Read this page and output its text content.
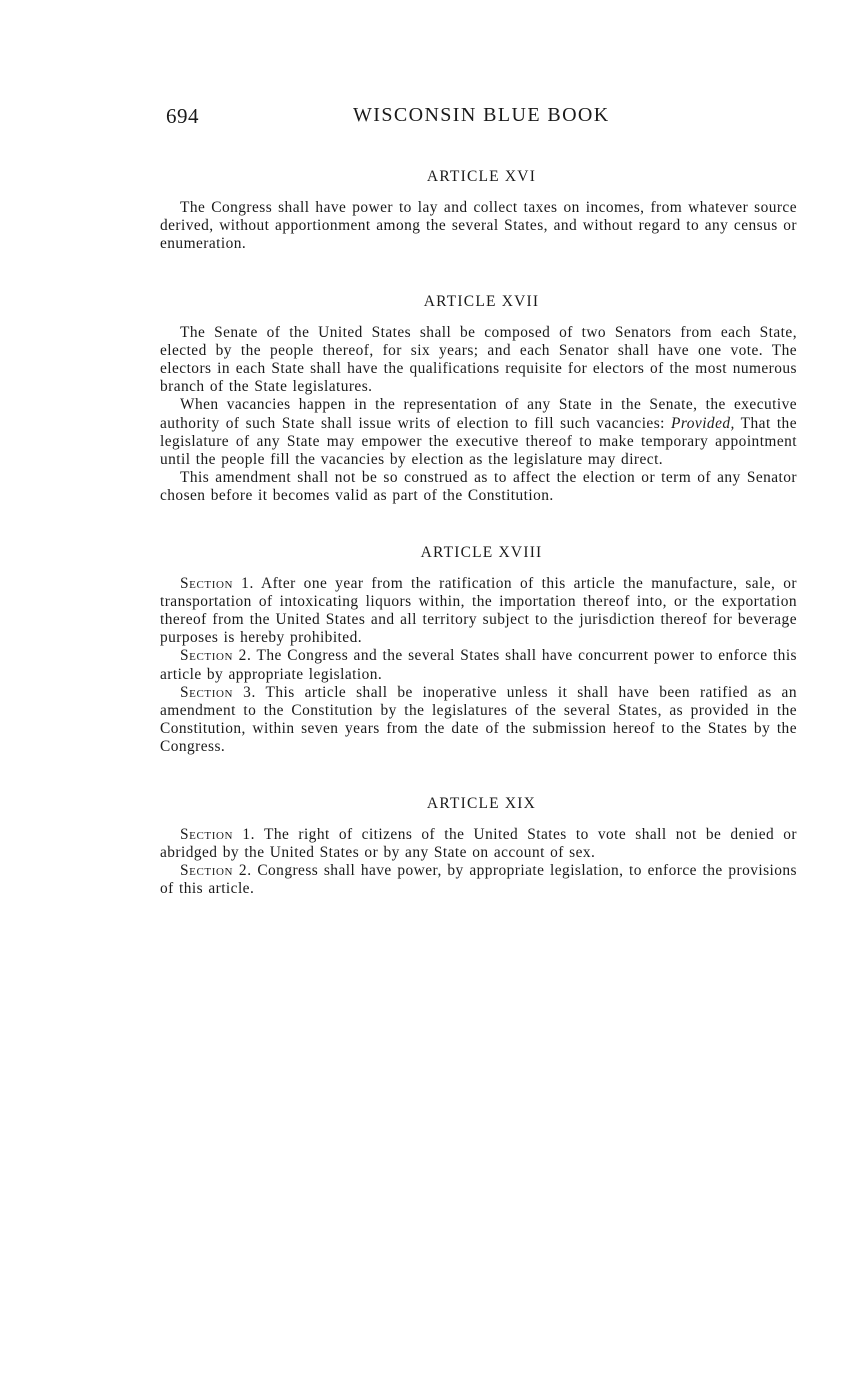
694	WISCONSIN BLUE BOOK
ARTICLE XVI

The Congress shall have power to lay and collect taxes on incomes, from whatever source derived, without apportionment among the several States, and without regard to any census or enumeration.

ARTICLE XVII

The Senate of the United States shall be composed of two Senators from each State, elected by the people thereof, for six years; and each Senator shall have one vote. The electors in each State shall have the qualifications requisite for electors of the most numerous branch of the State legislatures.

When vacancies happen in the representation of any State in the Senate, the executive authority of such State shall issue writs of election to fill such vacancies: Provided, That the legislature of any State may empower the executive thereof to make temporary appointment until the people fill the vacancies by election as the legislature may direct.

This amendment shall not be so construed as to affect the election or term of any Senator chosen before it becomes valid as part of the Constitution.

ARTICLE XVIII

Section 1. After one year from the ratification of this article the manufacture, sale, or transportation of intoxicating liquors within, the importation thereof into, or the exportation thereof from the United States and all territory subject to the jurisdiction thereof for beverage purposes is hereby prohibited.

Section 2. The Congress and the several States shall have concurrent power to enforce this article by appropriate legislation.

Section 3. This article shall be inoperative unless it shall have been ratified as an amendment to the Constitution by the legislatures of the several States, as provided in the Constitution, within seven years from the date of the submission hereof to the States by the Congress.

ARTICLE XIX

Section 1. The right of citizens of the United States to vote shall not be denied or abridged by the United States or by any State on account of sex.

Section 2. Congress shall have power, by appropriate legislation, to enforce the provisions of this article.
